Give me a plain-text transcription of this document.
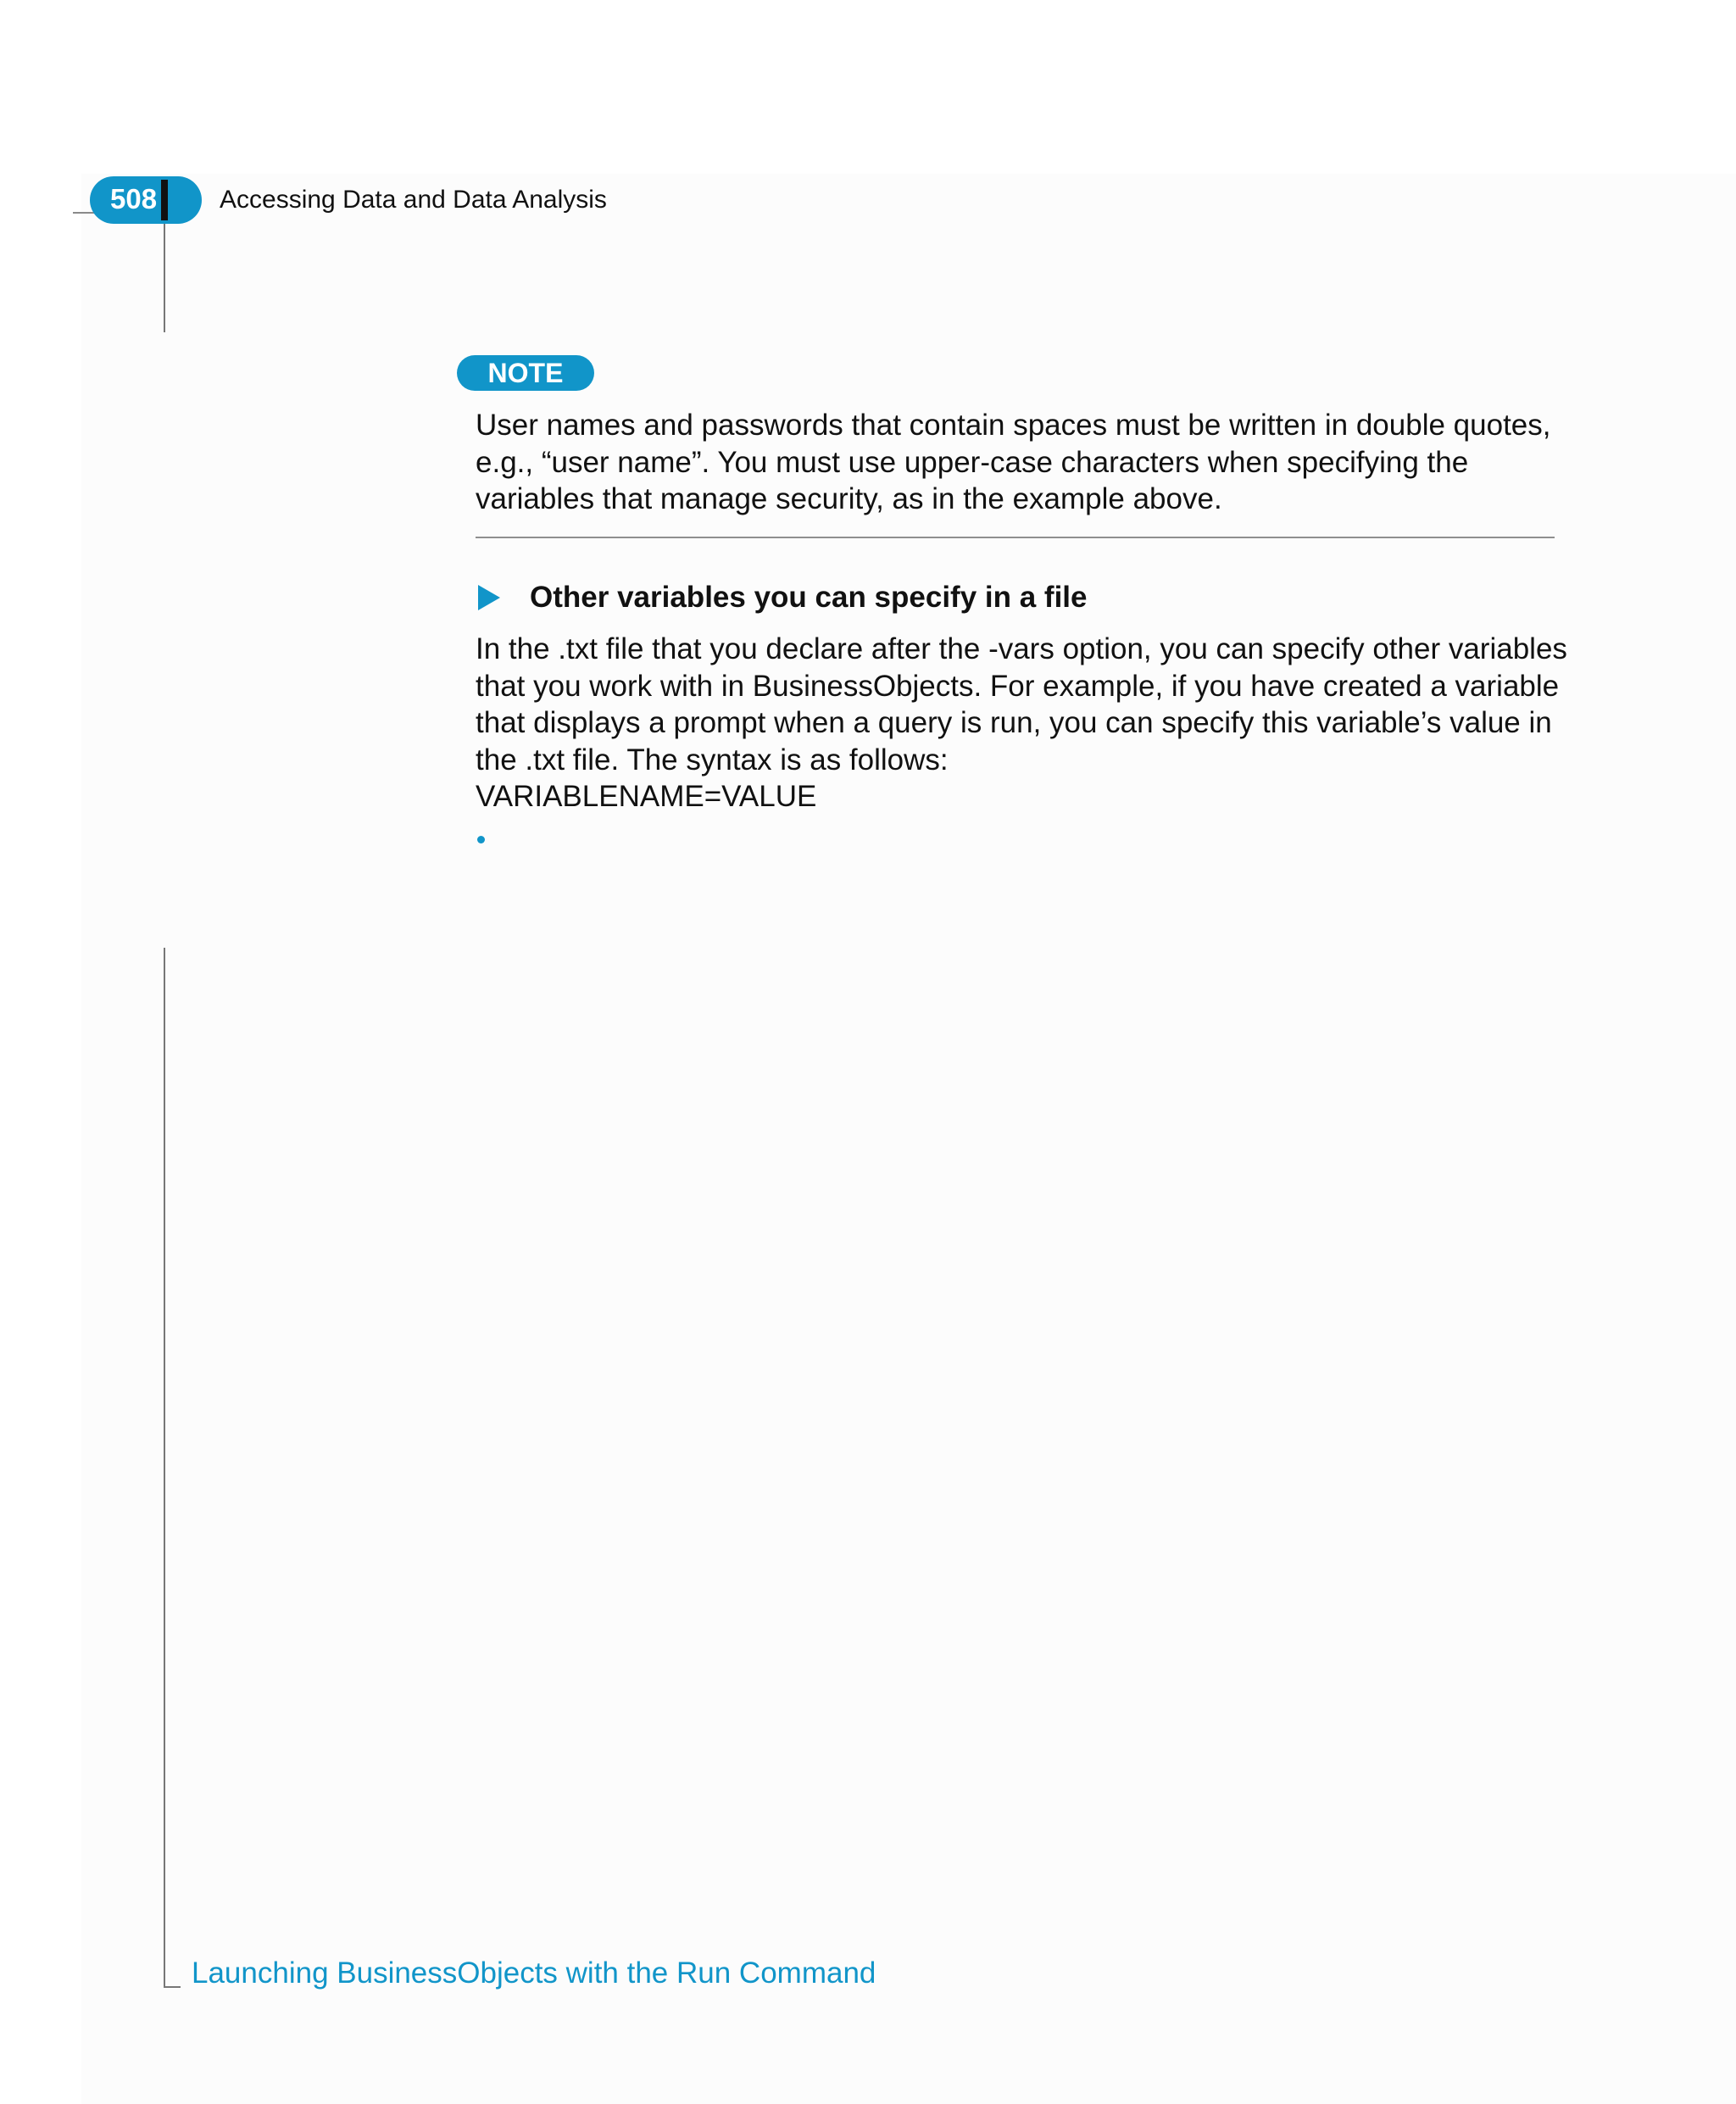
508 Accessing Data and Data Analysis
NOTE

User names and passwords that contain spaces must be written in double quotes, e.g., “user name”. You must use upper-case characters when specifying the variables that manage security, as in the example above.

Other variables you can specify in a file

In the .txt file that you declare after the -vars option, you can specify other variables that you work with in BusinessObjects. For example, if you have created a variable that displays a prompt when a query is run, you can specify this variable’s value in the .txt file. The syntax is as follows:

VARIABLENAME=VALUE
Launching BusinessObjects with the Run Command
